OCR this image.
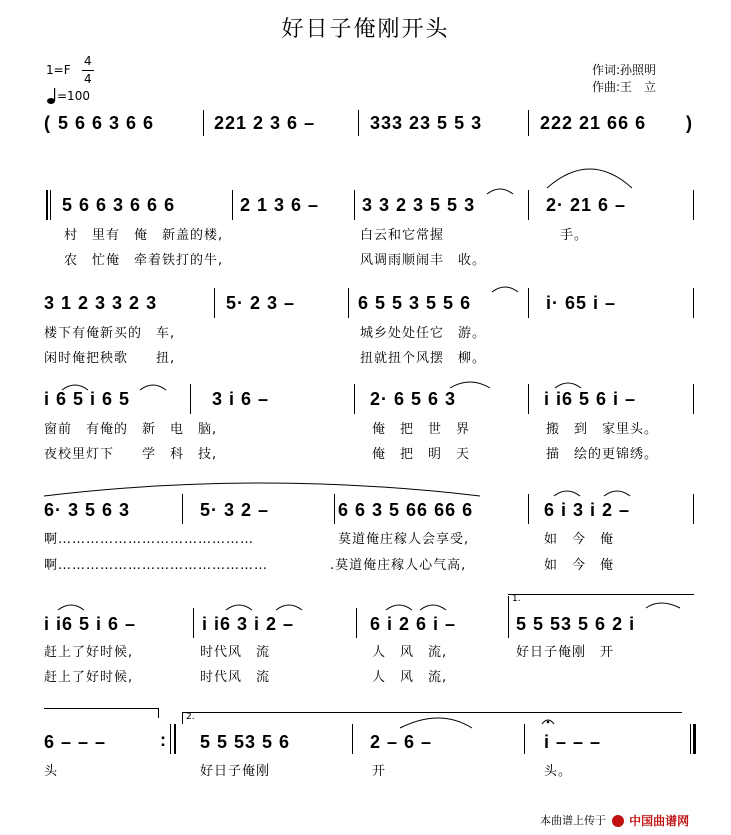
好日子俺刚开头
1=F
4
4
=100
作词:孙照明
作曲:王　立
( 5 6 6 3 6 6	221 2 3 6 –	333 23 5 5 3	222 21 66 6 )
5 6 6 3 6 6 6	2 1 3 6 – 3 3 2 3 5 5 3	2· 21 6 –
村　里有　俺　新盖的楼,	白云和它常握	手。
农　忙俺　牵着铁打的牛,	风调雨顺闹丰　收。
3 1 2 3 3 2 3	5· 2 3 –	6 5 5 3 5 5 6	i· 65 i –
楼下有俺新买的　车,	城乡处处任它　游。
闲时俺把秧歌　　扭,	扭就扭个风摆　柳。
i 6 5 i 6 5	3 i 6 –	2· 6 5 6 3	i i6 5 6 i –
窗前　有俺的　新　电　脑,	俺　把　世　界	搬　到　家里头。
夜校里灯下　　学　科　技,	俺　把　明　天	描　绘的更锦绣。
6· 3 5 6 3	5· 3 2 –	6 6 3 5 66 66 6	6 i 3 i 2 –
啊……………………………………	莫道俺庄稼人会享受,	如　今　俺
啊………………………………………	.莫道俺庄稼人心气高,	如　今　俺
i i6 5 i 6 –	i i6 3 i 2 –	6 i 2 6 i –
1.
5 5 53 5 6 2 i
赶上了好时候,	时代风　流	人　风　流,	好日子俺刚　开
赶上了好时候,	时代风　流	人　风　流,
6 – – –	:
2.
5 5 53 5 6	2 – 6 –	i – – –
头	好日子俺刚	开	头。
本曲谱上传于	中国曲谱网
